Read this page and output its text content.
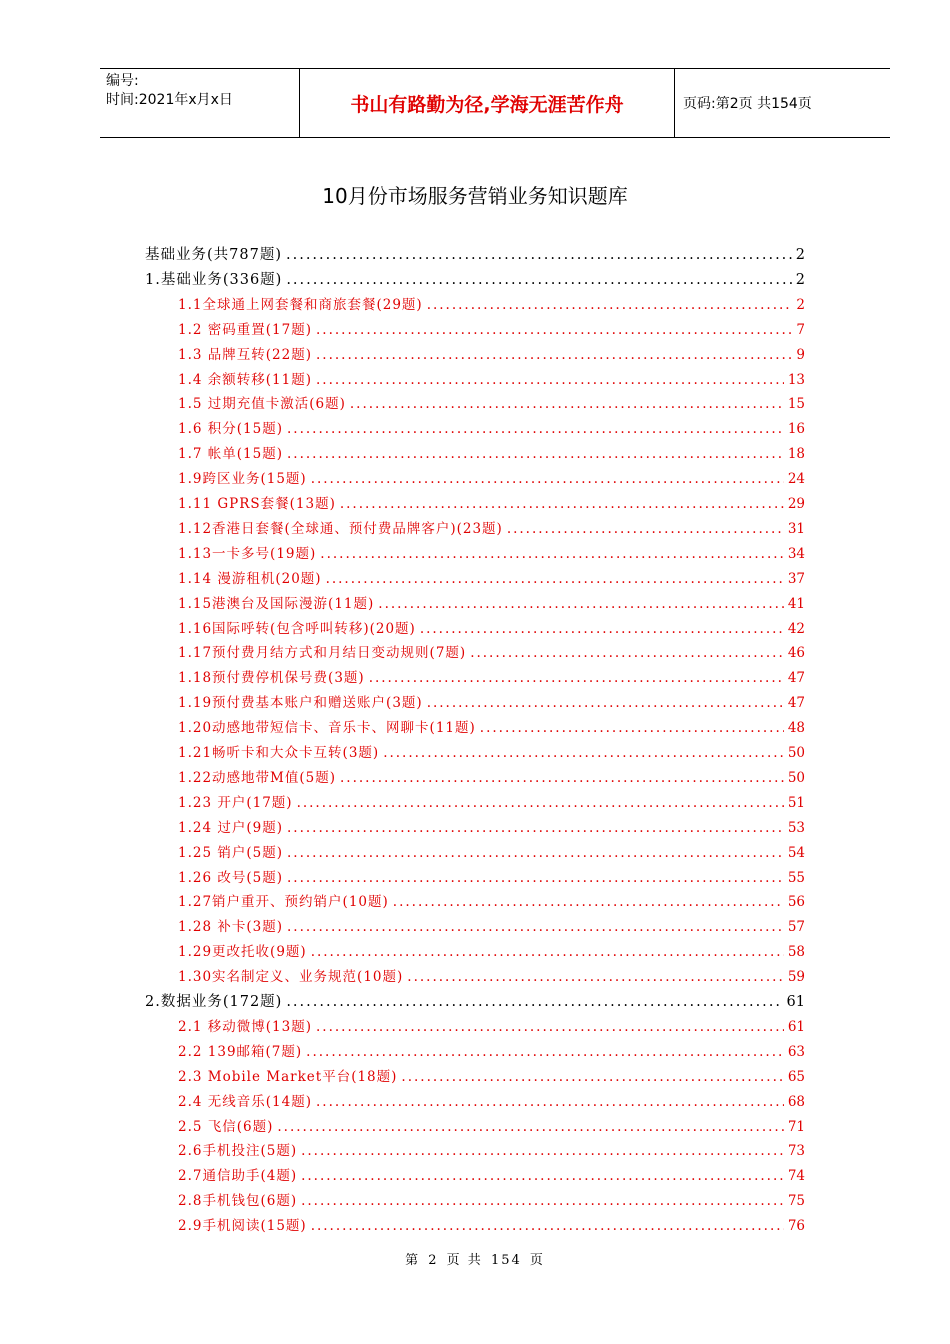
编号:
时间:2021年x月x日	书山有路勤为径,学海无涯苦作舟	页码:第2页 共154页
10月份市场服务营销业务知识题库
基础业务(共787题) .....	2
1.基础业务(336题) .....	2
1.1全球通上网套餐和商旅套餐(29题) .....	2
1.2 密码重置(17题) .....	7
1.3 品牌互转(22题) .....	9
1.4 余额转移(11题) .....	13
1.5 过期充值卡激活(6题) .....	15
1.6 积分(15题) .....	16
1.7 帐单(15题) .....	18
1.9跨区业务(15题) .....	24
1.11 GPRS套餐(13题) .....	29
1.12香港日套餐(全球通、预付费品牌客户)(23题) .....	31
1.13一卡多号(19题) .....	34
1.14 漫游租机(20题) .....	37
1.15港澳台及国际漫游(11题) .....	41
1.16国际呼转(包含呼叫转移)(20题) .....	42
1.17预付费月结方式和月结日变动规则(7题) .....	46
1.18预付费停机保号费(3题) .....	47
1.19预付费基本账户和赠送账户(3题) .....	47
1.20动感地带短信卡、音乐卡、网聊卡(11题) .....	48
1.21畅听卡和大众卡互转(3题) .....	50
1.22动感地带M值(5题) .....	50
1.23 开户(17题) .....	51
1.24 过户(9题) .....	53
1.25 销户(5题) .....	54
1.26 改号(5题) .....	55
1.27销户重开、预约销户(10题) .....	56
1.28 补卡(3题) .....	57
1.29更改托收(9题) .....	58
1.30实名制定义、业务规范(10题) .....	59
2.数据业务(172题) .....	61
2.1 移动微博(13题) .....	61
2.2 139邮箱(7题) .....	63
2.3 Mobile Market平台(18题) .....	65
2.4 无线音乐(14题) .....	68
2.5 飞信(6题) .....	71
2.6手机投注(5题) .....	73
2.7通信助手(4题) .....	74
2.8手机钱包(6题) .....	75
2.9手机阅读(15题) .....	76
第 2 页 共 154 页
